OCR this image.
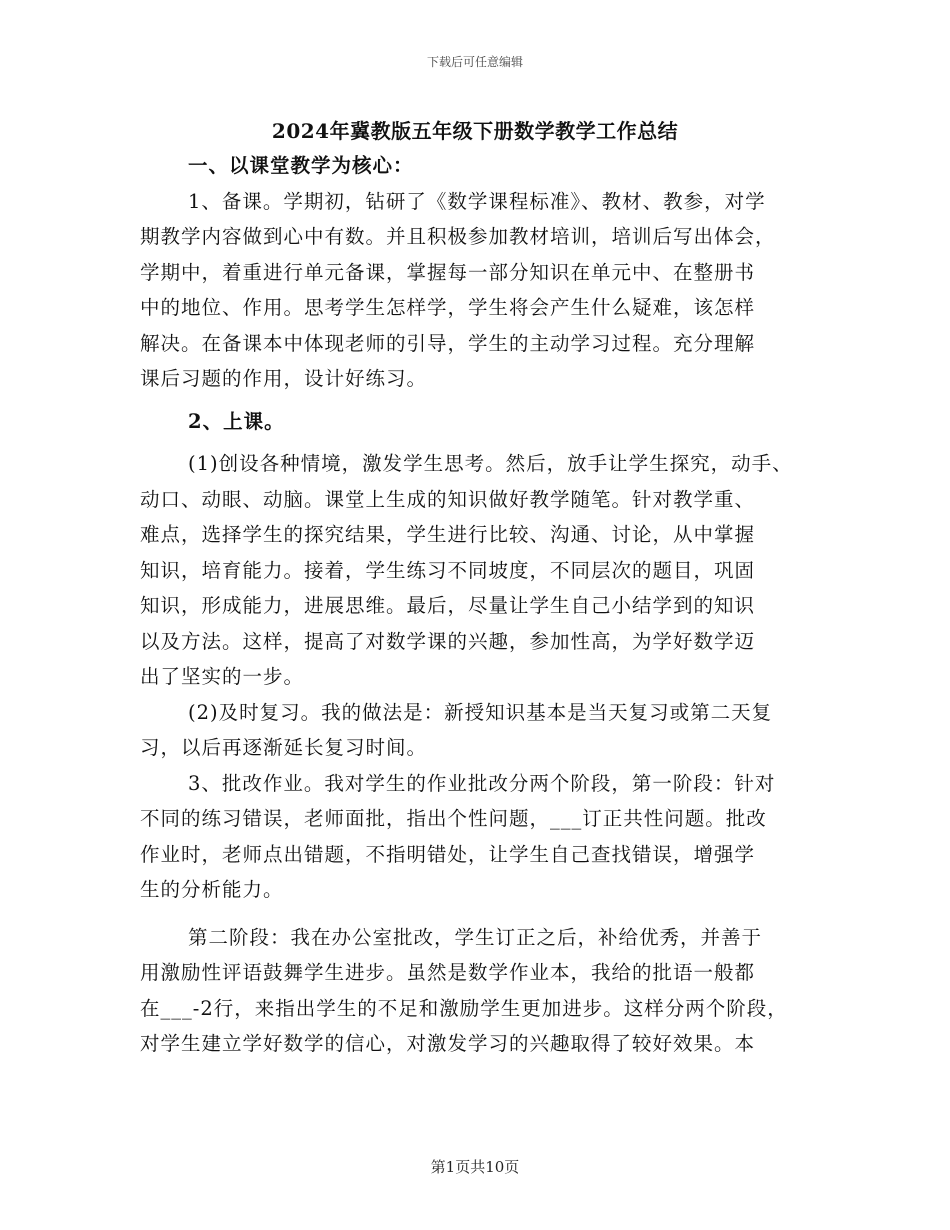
下载后可任意编辑
2024年冀教版五年级下册数学教学工作总结
一、以课堂教学为核心：
1、备课。学期初，钻研了《数学课程标准》、教材、教参，对学
期教学内容做到心中有数。并且积极参加教材培训，培训后写出体会，
学期中，着重进行单元备课，掌握每一部分知识在单元中、在整册书
中的地位、作用。思考学生怎样学，学生将会产生什么疑难，该怎样
解决。在备课本中体现老师的引导，学生的主动学习过程。充分理解
课后习题的作用，设计好练习。
2、上课。
(1)创设各种情境，激发学生思考。然后，放手让学生探究，动手、
动口、动眼、动脑。课堂上生成的知识做好教学随笔。针对教学重、
难点，选择学生的探究结果，学生进行比较、沟通、讨论，从中掌握
知识，培育能力。接着，学生练习不同坡度，不同层次的题目，巩固
知识，形成能力，进展思维。最后，尽量让学生自己小结学到的知识
以及方法。这样，提高了对数学课的兴趣，参加性高，为学好数学迈
出了坚实的一步。
(2)及时复习。我的做法是：新授知识基本是当天复习或第二天复
习，以后再逐渐延长复习时间。
3、批改作业。我对学生的作业批改分两个阶段，第一阶段：针对
不同的练习错误，老师面批，指出个性问题，___订正共性问题。批改
作业时，老师点出错题，不指明错处，让学生自己查找错误，增强学
生的分析能力。
第二阶段：我在办公室批改，学生订正之后，补给优秀，并善于
用激励性评语鼓舞学生进步。虽然是数学作业本，我给的批语一般都
在___-2行，来指出学生的不足和激励学生更加进步。这样分两个阶段，
对学生建立学好数学的信心，对激发学习的兴趣取得了较好效果。本
第1页共10页
